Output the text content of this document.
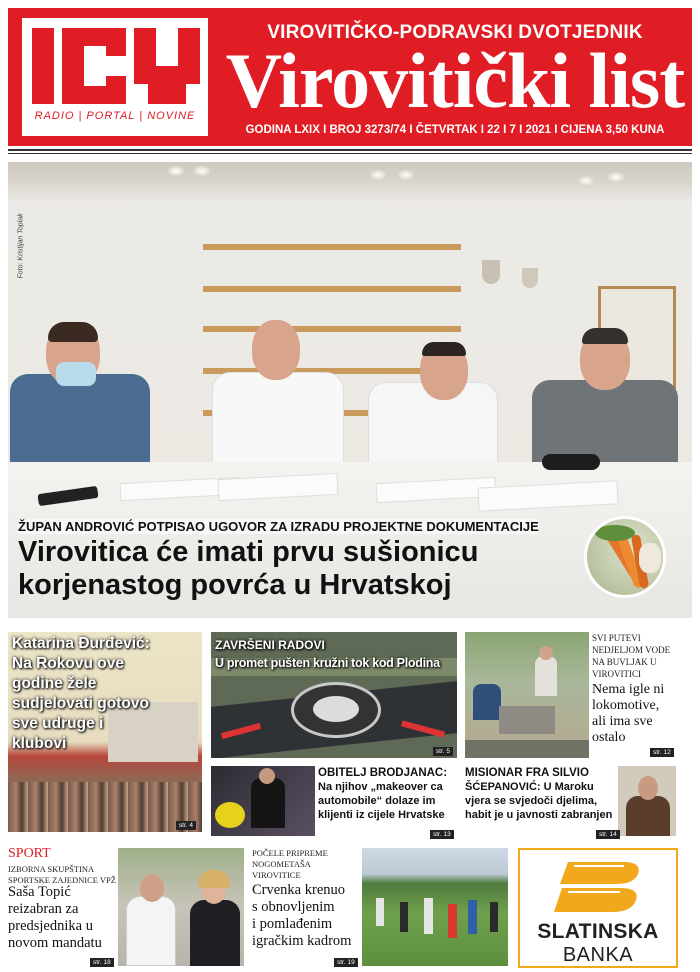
RADIO | PORTAL | NOVINE
VIROVITIČKO-PODRAVSKI DVOTJEDNIK
Virovitički list
GODINA LXIX I BROJ 3273/74 I ČETVRTAK I 22 I 7 I 2021 I CIJENA 3,50 KUNA
Foto: Kristijan Toplak
ŽUPAN ANDROVIĆ POTPISAO UGOVOR ZA IZRADU PROJEKTNE DOKUMENTACIJE
Virovitica će imati prvu sušionicu
korjenastog povrća u Hrvatskoj
Katarina Đurđević:
Na Rokovu ove
godine žele
sudjelovati gotovo
sve udruge i
klubovi
str. 4
ZAVRŠENI RADOVI
U promet pušten kružni tok kod Plodina
str. 5
SVI PUTEVI
NEDJELJOM VODE
NA BUVLJAK U
VIROVITICI
Nema igle ni
lokomotive,
ali ima sve
ostalo
str. 12
OBITELJ BRODJANAC:
Na njihov „makeover ca
automobile“ dolaze im
klijenti iz cijele Hrvatske
str. 13
MISIONAR FRA SILVIO
ŠĆEPANOVIĆ: U Maroku
vjera se svjedoči djelima,
habit je u javnosti zabranjen
str. 14
SPORT
IZBORNA SKUPŠTINA
SPORTSKE ZAJEDNICE VPŽ
Saša Topić
reizabran za
predsjednika u
novom mandatu
str. 18
POČELE PRIPREME
NOGOMETAŠA
VIROVITICE
Crvenka krenuo
s obnovljenim
i pomlađenim
igračkim kadrom
str. 19
SLATINSKA
BANKA
